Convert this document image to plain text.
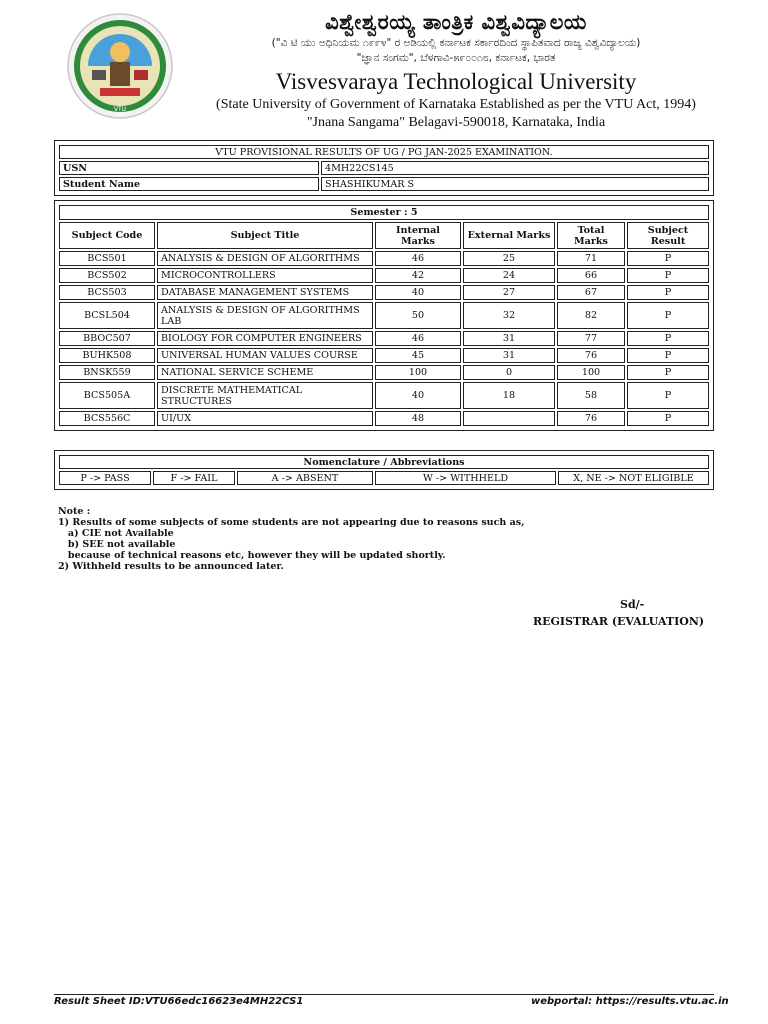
VTU
ವಿಶ್ವೇಶ್ವರಯ್ಯ ತಾಂತ್ರಿಕ ವಿಶ್ವವಿದ್ಯಾಲಯ
("ವಿ ಟಿ ಯು ಅಧಿನಿಯಮ ೧೯೯೪" ರ ಅಡಿಯಲ್ಲಿ ಕರ್ನಾಟಕ ಸರ್ಕಾರದಿಂದ ಸ್ಥಾಪಿತವಾದ ರಾಜ್ಯ ವಿಶ್ವವಿದ್ಯಾಲಯ)
"ಜ್ಞಾನ ಸಂಗಮ", ಬೆಳಗಾವಿ-೫೯೦೦೧೮, ಕರ್ನಾಟಕ, ಭಾರತ
Visvesvaraya Technological University
(State University of Government of Karnataka Established as per the VTU Act, 1994)
"Jnana Sangama" Belagavi-590018, Karnataka, India
VTU PROVISIONAL RESULTS OF UG / PG JAN-2025 EXAMINATION.	
USN	4MH22CS145
Student Name	SHASHIKUMAR S
Semester : 5					
Subject Code	Subject Title	Internal Marks	External Marks	Total Marks	Subject Result
BCS501	ANALYSIS & DESIGN OF ALGORITHMS	46	25	71	P
BCS502	MICROCONTROLLERS	42	24	66	P
BCS503	DATABASE MANAGEMENT SYSTEMS	40	27	67	P
BCSL504	ANALYSIS & DESIGN OF ALGORITHMS LAB	50	32	82	P
BBOC507	BIOLOGY FOR COMPUTER ENGINEERS	46	31	77	P
BUHK508	UNIVERSAL HUMAN VALUES COURSE	45	31	76	P
BNSK559	NATIONAL SERVICE SCHEME	100	0	100	P
BCS505A	DISCRETE MATHEMATICAL STRUCTURES	40	18	58	P
BCS556C	UI/UX	48		76	P
Nomenclature / Abbreviations
P -> PASS	F -> FAIL	A -> ABSENT	W -> WITHHELD	X, NE -> NOT ELIGIBLE
Note :
1) Results of some subjects of some students are not appearing due to reasons such as,
a) CIE not Available
b) SEE not available
because of technical reasons etc, however they will be updated shortly.
2) Withheld results to be announced later.
Sd/-
REGISTRAR (EVALUATION)
Result Sheet ID:VTU66edc16623e4MH22CS1	webportal: https://results.vtu.ac.in
